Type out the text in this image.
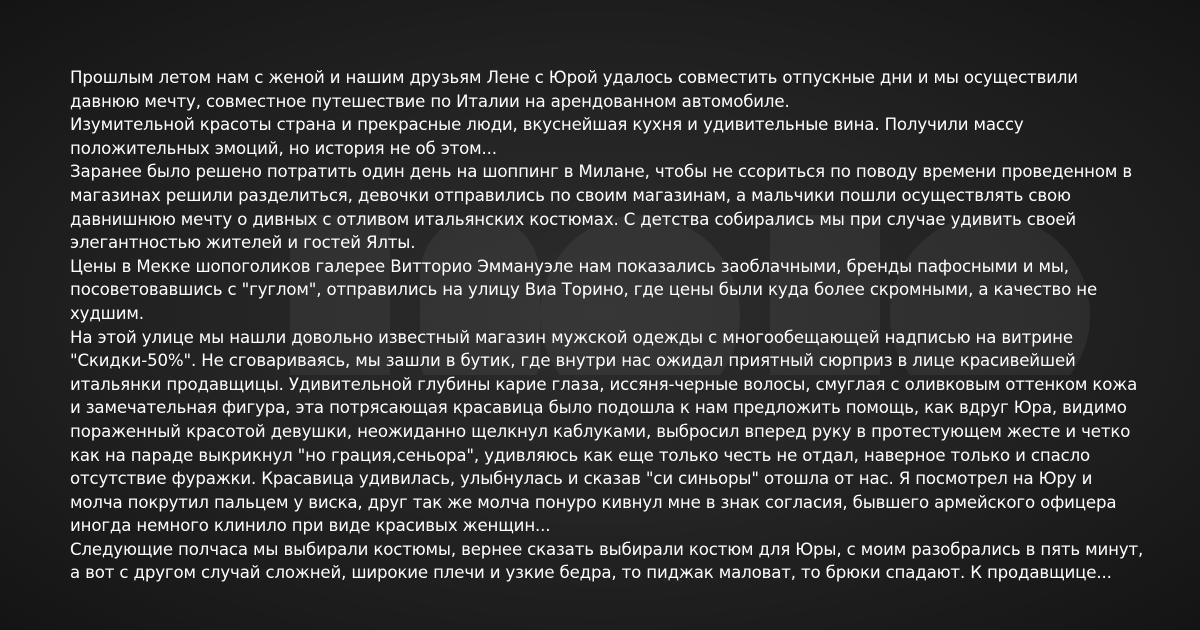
Прошлым летом нам с женой и нашим друзьям Лене с Юрой удалось совместить отпускные дни и мы осуществили давнюю мечту, совместное путешествие по Италии на арендованном автомобиле.

Изумительной красоты страна и прекрасные люди, вкуснейшая кухня и удивительные вина. Получили массу положительных эмоций, но история не об этом...

Заранее было решено потратить один день на шоппинг в Милане, чтобы не ссориться по поводу времени проведенном в магазинах решили разделиться, девочки отправились по своим магазинам, а мальчики пошли осуществлять свою давнишнюю мечту о дивных с отливом итальянских костюмах. С детства собирались мы при случае удивить своей элегантностью жителей и гостей Ялты.

Цены в Мекке шопоголиков галерее Витторио Эммануэле нам показались заоблачными, бренды пафосными и мы, посоветовавшись с "гуглом", отправились на улицу Виа Торино, где цены были куда более скромными, а качество не худшим.

На этой улице мы нашли довольно известный магазин мужской одежды с многообещающей надписью на витрине "Скидки-50%". Не сговариваясь, мы зашли в бутик, где внутри нас ожидал приятный сюрприз в лице красивейшей итальянки продавщицы. Удивительной глубины карие глаза, иссяня-черные волосы, смуглая с оливковым оттенком кожа и замечательная фигура, эта потрясающая красавица было подошла к нам предложить помощь, как вдруг Юра, видимо пораженный красотой девушки, неожиданно щелкнул каблуками, выбросил вперед руку в протестующем жесте и четко как на параде выкрикнул "но грация,сеньора", удивляюсь как еще только честь не отдал, наверное только и спасло отсутствие фуражки. Красавица удивилась, улыбнулась и сказав "си синьоры" отошла от нас. Я посмотрел на Юру и молча покрутил пальцем у виска, друг так же молча понуро кивнул мне в знак согласия, бывшего армейского офицера иногда немного клинило при виде красивых женщин...

Следующие полчаса мы выбирали костюмы, вернее сказать выбирали костюм для Юры, с моим разобрались в пять минут, а вот с другом случай сложней, широкие плечи и узкие бедра, то пиджак маловат, то брюки спадают. К продавщице...
